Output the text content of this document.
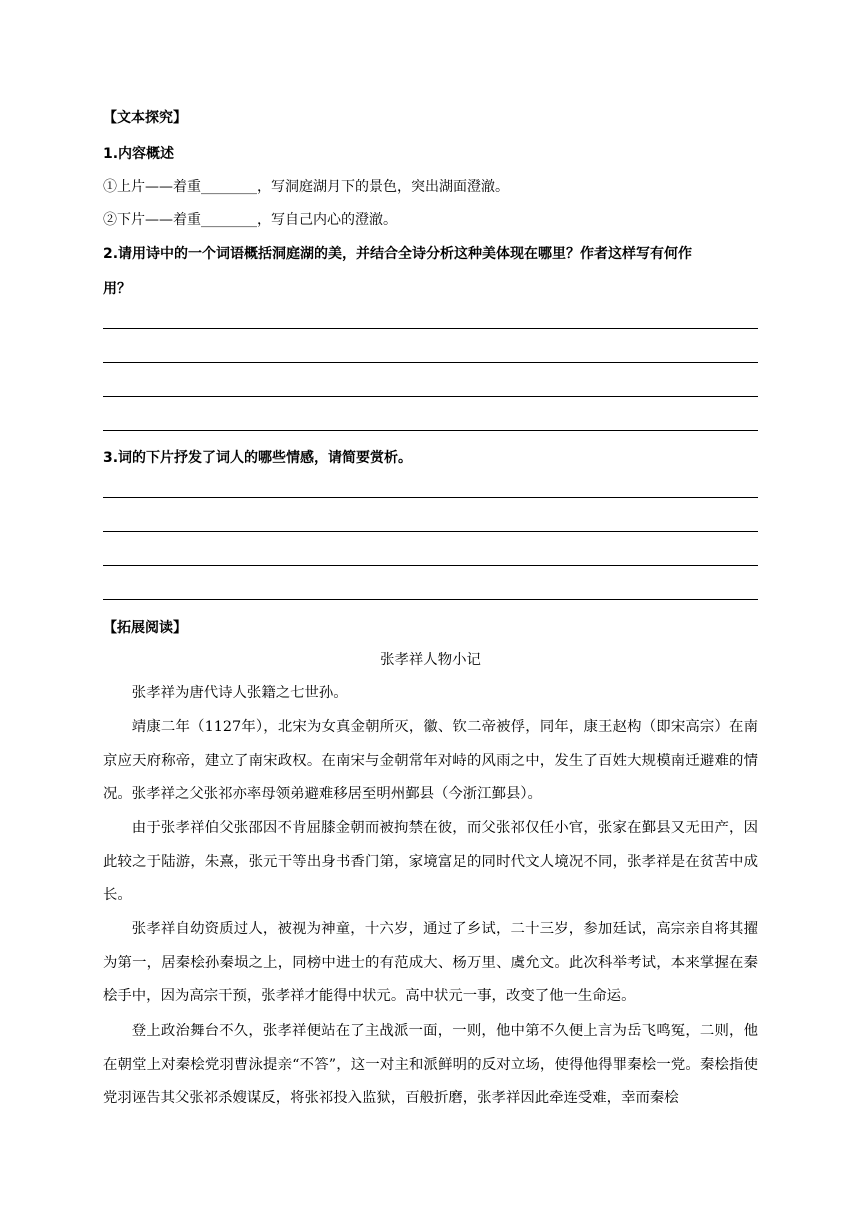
【文本探究】
1.内容概述
①上片——着重________，写洞庭湖月下的景色，突出湖面澄澈。
②下片——着重________，写自己内心的澄澈。
2.请用诗中的一个词语概括洞庭湖的美，并结合全诗分析这种美体现在哪里？作者这样写有何作
用？
3.词的下片抒发了词人的哪些情感，请简要赏析。
【拓展阅读】
张孝祥人物小记
张孝祥为唐代诗人张籍之七世孙。
靖康二年（1127年），北宋为女真金朝所灭，徽、钦二帝被俘，同年，康王赵构（即宋高宗）在南京应天府称帝，建立了南宋政权。在南宋与金朝常年对峙的风雨之中，发生了百姓大规模南迁避难的情况。张孝祥之父张祁亦率母领弟避难移居至明州鄞县（今浙江鄞县）。
由于张孝祥伯父张邵因不肯屈膝金朝而被拘禁在彼，而父张祁仅任小官，张家在鄞县又无田产，因此较之于陆游，朱熹，张元干等出身书香门第，家境富足的同时代文人境况不同，张孝祥是在贫苦中成长。
张孝祥自幼资质过人，被视为神童，十六岁，通过了乡试，二十三岁，参加廷试，高宗亲自将其擢为第一，居秦桧孙秦埙之上，同榜中进士的有范成大、杨万里、虞允文。此次科举考试，本来掌握在秦桧手中，因为高宗干预，张孝祥才能得中状元。高中状元一事，改变了他一生命运。
登上政治舞台不久，张孝祥便站在了主战派一面，一则，他中第不久便上言为岳飞鸣冤，二则，他在朝堂上对秦桧党羽曹泳提亲“不答”，这一对主和派鲜明的反对立场，使得他得罪秦桧一党。秦桧指使党羽诬告其父张祁杀嫂谋反，将张祁投入监狱，百般折磨，张孝祥因此牵连受难，幸而秦桧
